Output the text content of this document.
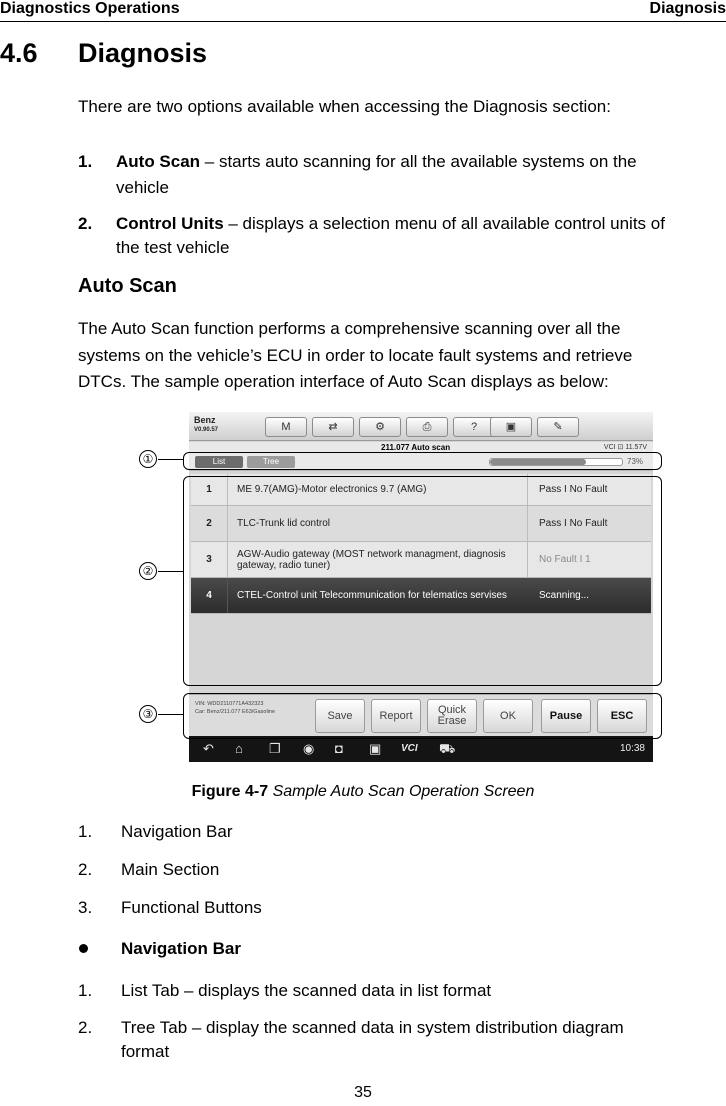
Diagnostics Operations	Diagnosis
4.6 Diagnosis
There are two options available when accessing the Diagnosis section:
1. Auto Scan – starts auto scanning for all the available systems on the
vehicle
2. Control Units – displays a selection menu of all available control units of
the test vehicle
Auto Scan
The Auto Scan function performs a comprehensive scanning over all the
systems on the vehicle’s ECU in order to locate fault systems and retrieve
DTCs. The sample operation interface of Auto Scan displays as below:
Benz
V0.90.57	M	⇄	⚙	⎙	?	▣	✎
211.077 Auto scan	VCI ⊡ 11.57V
List	Tree	73%
1	ME 9.7(AMG)-Motor electronics 9.7 (AMG)	Pass I No Fault
2	TLC-Trunk lid control	Pass I No Fault
3	AGW-Audio gateway (MOST network managment, diagnosis gateway, radio tuner)	No Fault I 1
4	CTEL-Control unit Telecommunication for telematics servises	Scanning...
VIN: WDD2110771A432323
Car: Benz/211.077 E63/Gasoline	Save	Report	Quick Erase	OK	Pause	ESC
↶ ⌂ ❐ ◉ ◘ ▣ VCI ⛟	10:38
①
②
③
Figure 4-7 Sample Auto Scan Operation Screen
1. Navigation Bar
2. Main Section
3. Functional Buttons
Navigation Bar
1. List Tab – displays the scanned data in list format
2. Tree Tab – display the scanned data in system distribution diagram
format
35
